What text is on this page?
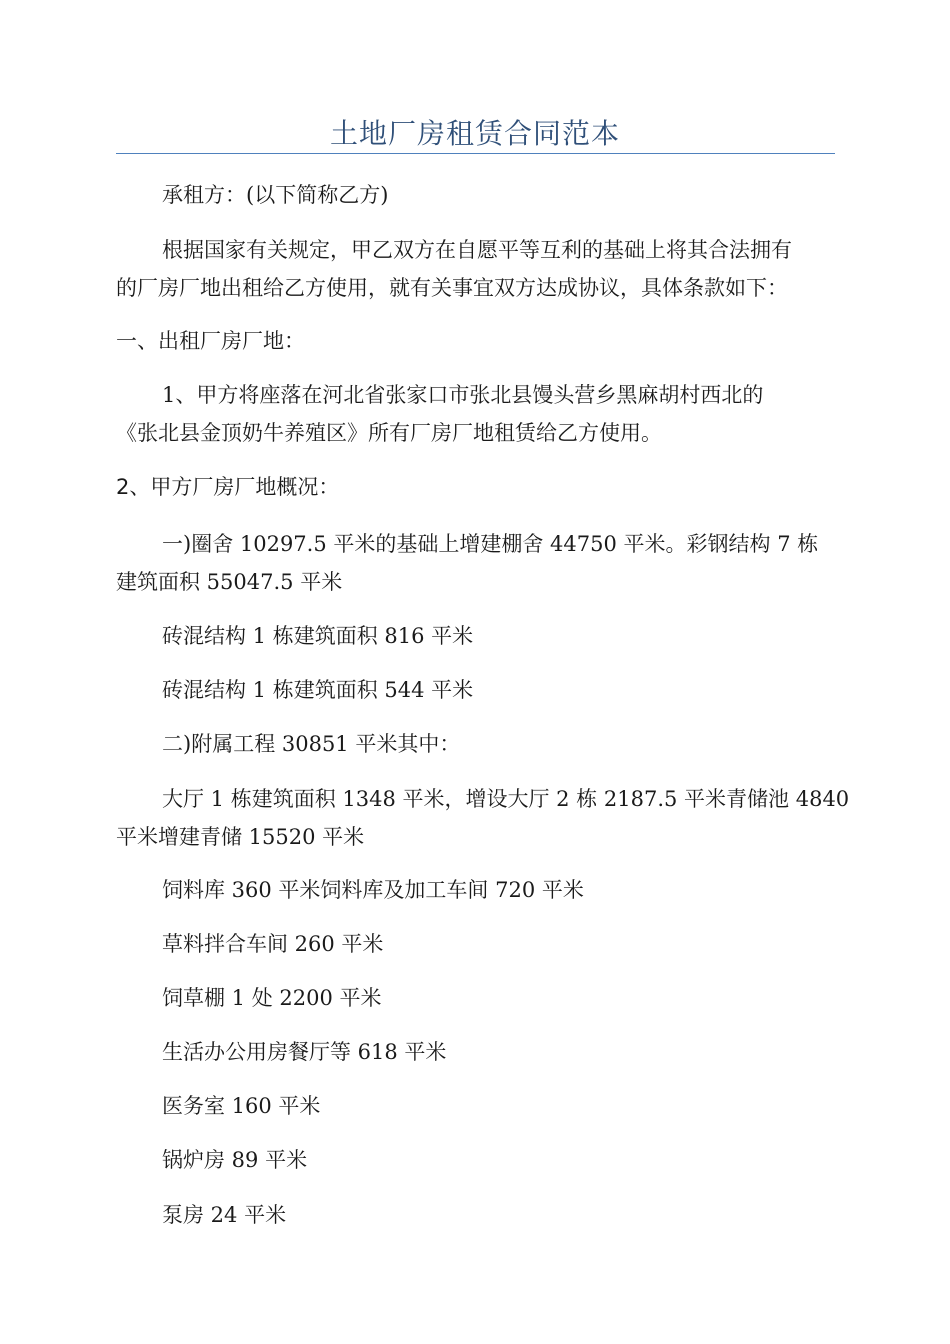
土地厂房租赁合同范本

承租方：(以下简称乙方)

根据国家有关规定，甲乙双方在自愿平等互利的基础上将其合法拥有
的厂房厂地出租给乙方使用，就有关事宜双方达成协议，具体条款如下：

一、出租厂房厂地：

1、甲方将座落在河北省张家口市张北县馒头营乡黑麻胡村西北的
《张北县金顶奶牛养殖区》所有厂房厂地租赁给乙方使用。

2、甲方厂房厂地概况：

一)圈舍 10297.5 平米的基础上增建棚舍 44750 平米。彩钢结构 7 栋
建筑面积 55047.5 平米

砖混结构 1 栋建筑面积 816 平米

砖混结构 1 栋建筑面积 544 平米

二)附属工程 30851 平米其中：

大厅 1 栋建筑面积 1348 平米，增设大厅 2 栋 2187.5 平米青储池 4840
平米增建青储 15520 平米

饲料库 360 平米饲料库及加工车间 720 平米

草料拌合车间 260 平米

饲草棚 1 处 2200 平米

生活办公用房餐厅等 618 平米

医务室 160 平米

锅炉房 89 平米

泵房 24 平米
